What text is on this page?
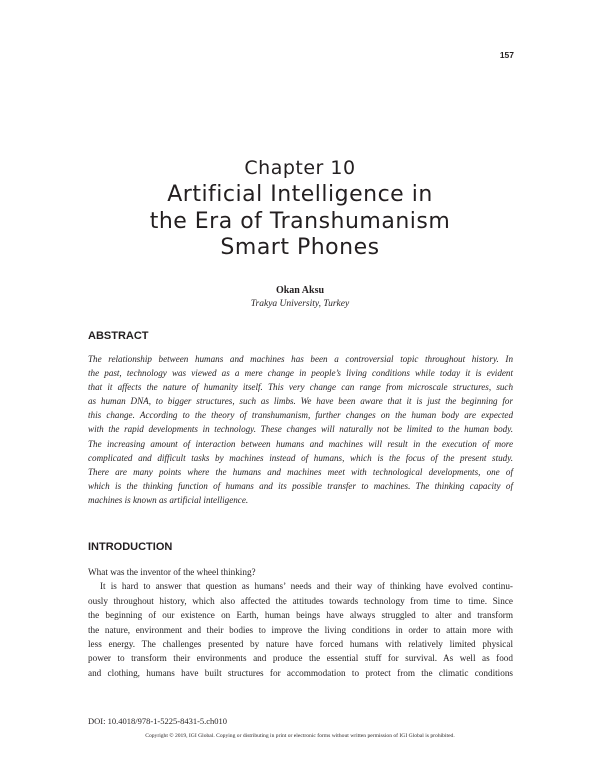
157
Chapter 10
Artificial Intelligence in
the Era of Transhumanism
Smart Phones
Okan Aksu
Trakya University, Turkey
ABSTRACT
The relationship between humans and machines has been a controversial topic throughout history. In
the past, technology was viewed as a mere change in people’s living conditions while today it is evident
that it affects the nature of humanity itself. This very change can range from microscale structures, such
as human DNA, to bigger structures, such as limbs. We have been aware that it is just the beginning for
this change. According to the theory of transhumanism, further changes on the human body are expected
with the rapid developments in technology. These changes will naturally not be limited to the human body.
The increasing amount of interaction between humans and machines will result in the execution of more
complicated and difficult tasks by machines instead of humans, which is the focus of the present study.
There are many points where the humans and machines meet with technological developments, one of
which is the thinking function of humans and its possible transfer to machines. The thinking capacity of
machines is known as artificial intelligence.
INTRODUCTION
What was the inventor of the wheel thinking?
It is hard to answer that question as humans’ needs and their way of thinking have evolved continu-
ously throughout history, which also affected the attitudes towards technology from time to time. Since
the beginning of our existence on Earth, human beings have always struggled to alter and transform
the nature, environment and their bodies to improve the living conditions in order to attain more with
less energy. The challenges presented by nature have forced humans with relatively limited physical
power to transform their environments and produce the essential stuff for survival. As well as food
and clothing, humans have built structures for accommodation to protect from the climatic conditions
DOI: 10.4018/978-1-5225-8431-5.ch010
Copyright © 2019, IGI Global. Copying or distributing in print or electronic forms without written permission of IGI Global is prohibited.
